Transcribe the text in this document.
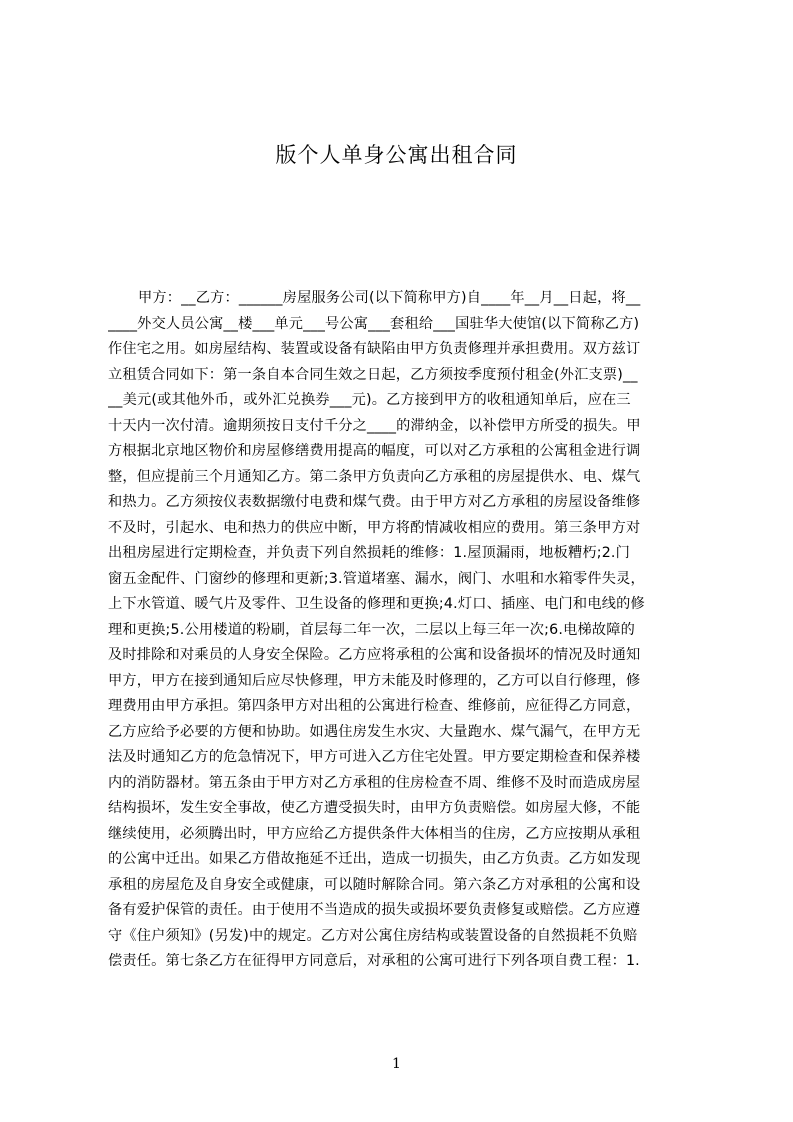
版个人单身公寓出租合同
甲方：__乙方：______房屋服务公司(以下简称甲方)自____年__月__日起，将__
____外交人员公寓__楼___单元___号公寓___套租给___国驻华大使馆(以下简称乙方)
作住宅之用。如房屋结构、装置或设备有缺陷由甲方负责修理并承担费用。双方兹订
立租赁合同如下：第一条自本合同生效之日起，乙方须按季度预付租金(外汇支票)__
__美元(或其他外币，或外汇兑换券___元)。乙方接到甲方的收租通知单后，应在三
十天内一次付清。逾期须按日支付千分之____的滞纳金，以补偿甲方所受的损失。甲
方根据北京地区物价和房屋修缮费用提高的幅度，可以对乙方承租的公寓租金进行调
整，但应提前三个月通知乙方。第二条甲方负责向乙方承租的房屋提供水、电、煤气
和热力。乙方须按仪表数据缴付电费和煤气费。由于甲方对乙方承租的房屋设备维修
不及时，引起水、电和热力的供应中断，甲方将酌情减收相应的费用。第三条甲方对
出租房屋进行定期检查，并负责下列自然损耗的维修：1.屋顶漏雨，地板糟朽;2.门
窗五金配件、门窗纱的修理和更新;3.管道堵塞、漏水，阀门、水咀和水箱零件失灵，
上下水管道、暖气片及零件、卫生设备的修理和更换;4.灯口、插座、电门和电线的修
理和更换;5.公用楼道的粉刷，首层每二年一次，二层以上每三年一次;6.电梯故障的
及时排除和对乘员的人身安全保险。乙方应将承租的公寓和设备损坏的情况及时通知
甲方，甲方在接到通知后应尽快修理，甲方未能及时修理的，乙方可以自行修理，修
理费用由甲方承担。第四条甲方对出租的公寓进行检查、维修前，应征得乙方同意，
乙方应给予必要的方便和协助。如遇住房发生水灾、大量跑水、煤气漏气，在甲方无
法及时通知乙方的危急情况下，甲方可进入乙方住宅处置。甲方要定期检查和保养楼
内的消防器材。第五条由于甲方对乙方承租的住房检查不周、维修不及时而造成房屋
结构损坏，发生安全事故，使乙方遭受损失时，由甲方负责赔偿。如房屋大修，不能
继续使用，必须腾出时，甲方应给乙方提供条件大体相当的住房，乙方应按期从承租
的公寓中迁出。如果乙方借故拖延不迁出，造成一切损失，由乙方负责。乙方如发现
承租的房屋危及自身安全或健康，可以随时解除合同。第六条乙方对承租的公寓和设
备有爱护保管的责任。由于使用不当造成的损失或损坏要负责修复或赔偿。乙方应遵
守《住户须知》(另发)中的规定。乙方对公寓住房结构或装置设备的自然损耗不负赔
偿责任。第七条乙方在征得甲方同意后，对承租的公寓可进行下列各项自费工程：1.
1
